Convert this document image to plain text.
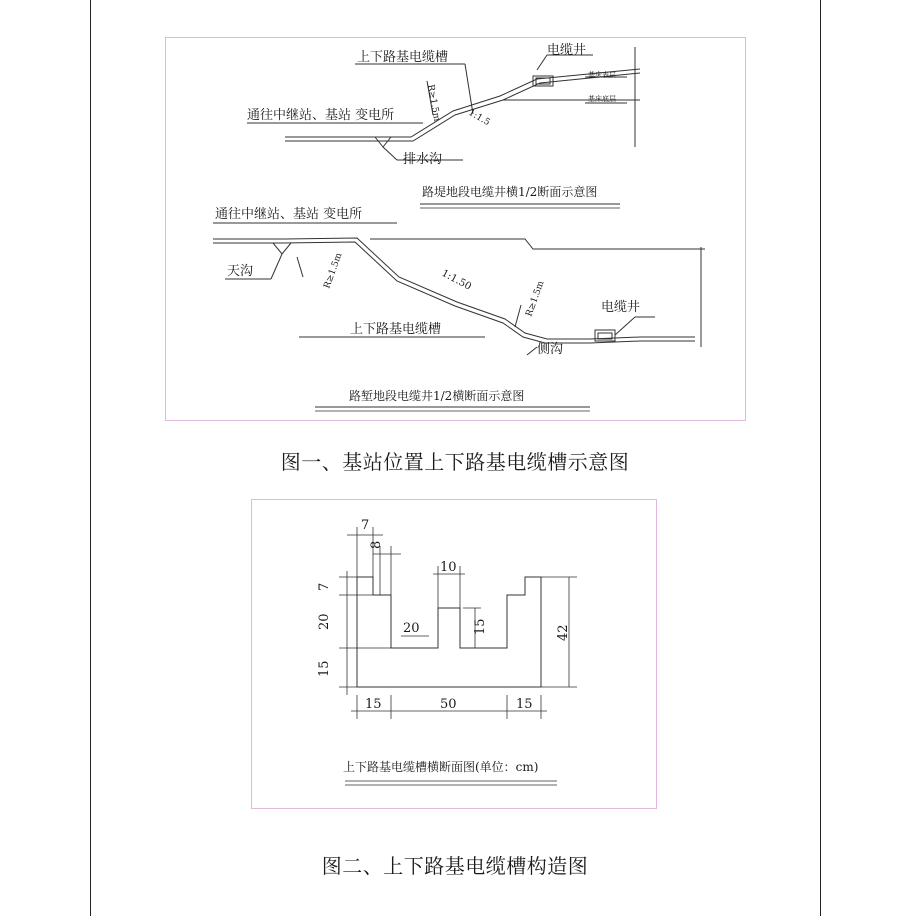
上下路基电缆槽	电缆井
基床表层
基床底层
R≥1.5m	1:1.5
通往中继站、基站 变电所
排水沟
路堤地段电缆井横1/2断面示意图
通往中继站、基站 变电所
天沟	R≥1.5m	1:1.50	R≥1.5m	电缆井
上下路基电缆槽
侧沟
路堑地段电缆井1/2横断面示意图
图一、基站位置上下路基电缆槽示意图
7
8
10
7
20
15
20	15	42
15	50	15
上下路基电缆槽横断面图(单位：cm)
图二、上下路基电缆槽构造图
